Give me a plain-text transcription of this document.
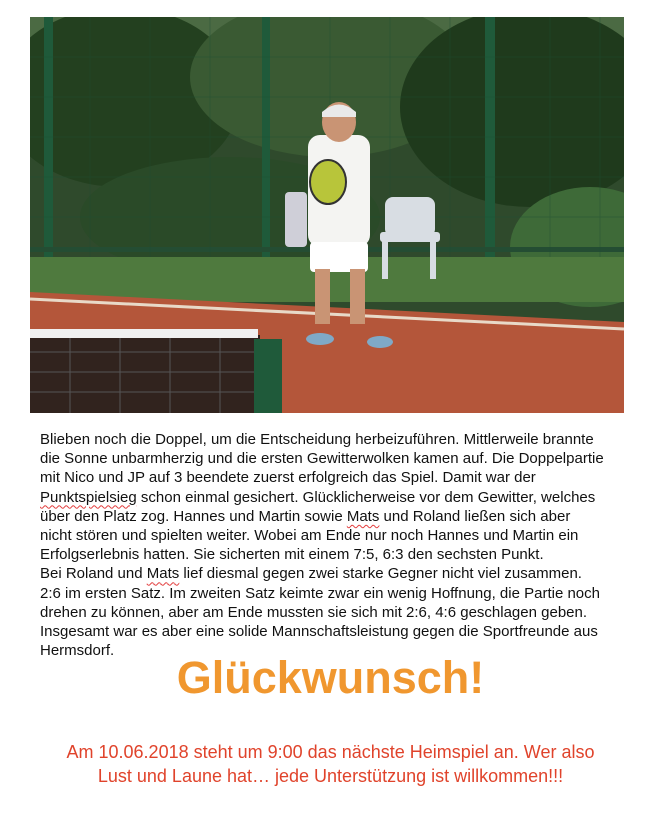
Blieben noch die Doppel, um die Entscheidung herbeizuführen. Mittlerweile brannte
die Sonne unbarmherzig und die ersten Gewitterwolken kamen auf. Die Doppelpartie
mit Nico und JP auf 3 beendete zuerst erfolgreich das Spiel. Damit war der
Punktspielsieg schon einmal gesichert. Glücklicherweise vor dem Gewitter, welches
über den Platz zog. Hannes und Martin sowie Mats und Roland ließen sich aber
nicht stören und spielten weiter. Wobei am Ende nur noch Hannes und Martin ein
Erfolgserlebnis hatten. Sie sicherten mit einem 7:5, 6:3 den sechsten Punkt.
Bei Roland und Mats lief diesmal gegen zwei starke Gegner nicht viel zusammen.
2:6 im ersten Satz. Im zweiten Satz keimte zwar ein wenig Hoffnung, die Partie noch
drehen zu können, aber am Ende mussten sie sich mit 2:6, 4:6 geschlagen geben.
Insgesamt war es aber eine solide Mannschaftsleistung gegen die Sportfreunde aus
Hermsdorf.
Glückwunsch!

Am 10.06.2018 steht um 9:00 das nächste Heimspiel an. Wer also
Lust und Laune hat… jede Unterstützung ist willkommen!!!
